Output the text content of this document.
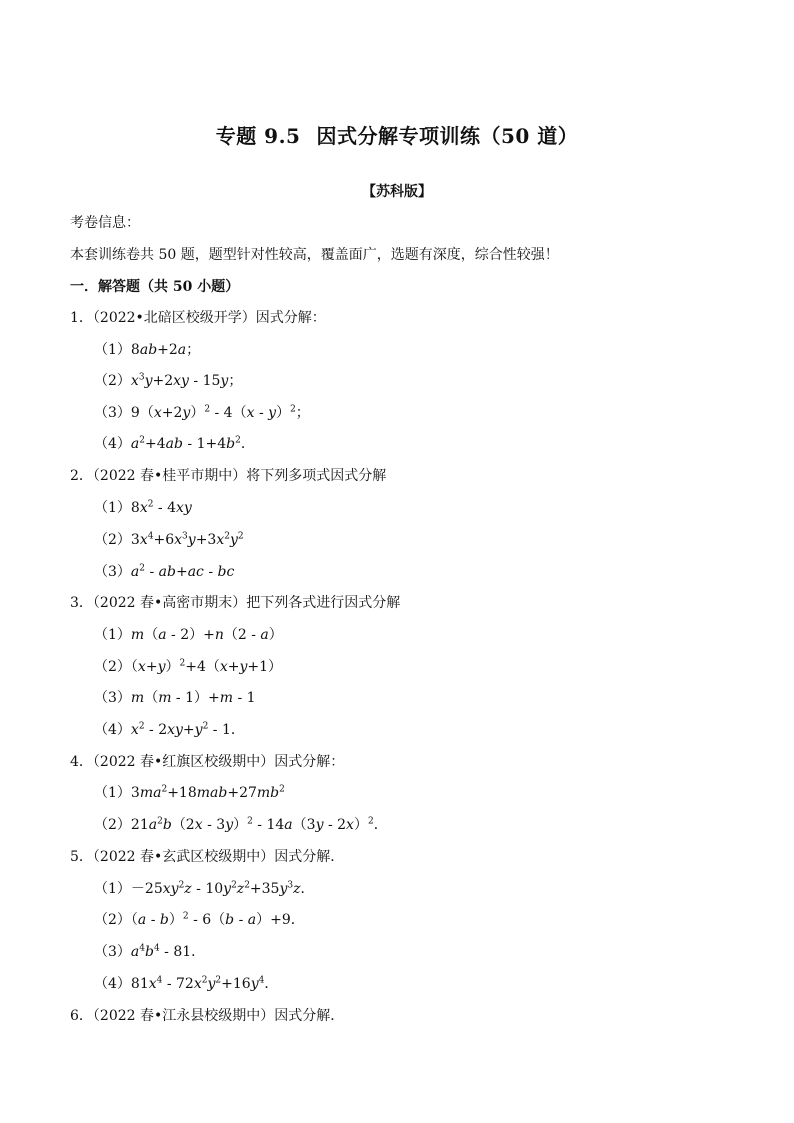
专题 9.5 因式分解专项训练（50 道）
【苏科版】
考卷信息：
本套训练卷共 50 题，题型针对性较高，覆盖面广，选题有深度，综合性较强！
一．解答题（共 50 小题）
1．（2022•北碚区校级开学）因式分解：
（1）8ab+2a；
$(2)x^3y+2xy - 15y$；
$(3)9(x+2y)^2 - 4(x - y)^2$；
$(4)a^2+4ab - 1+4b^2$．
2．（2022 春•桂平市期中）将下列多项式因式分解
$(1)8x^2 - 4xy$
$(2)3x^4+6x^3y+3x^2y^2$
$(3)a^2 - ab+ac$ - bc
3．（2022 春•高密市期末）把下列各式进行因式分解
（1）m（a - 2）+n（2 - a）
$(2)(x+y)^2+4(x+y+1)$
（3）m（m - 1）+m - 1
$(4)x^2 - 2xy+y^2 - 1$．
4．（2022 春•红旗区校级期中）因式分解：
$(1)3ma^2+18mab+27mb^2$
$(2)21a^2b(2x - 3y)^2 - 14a(3y - 2x)^2$．
5．（2022 春•玄武区校级期中）因式分解．
$(1)-25xy^2z - 10y^2z^2+35y^3z$．
（2）（a - b）$^2$ - 6（b - a）+9．
$(3)a^4b^4 - 81$．
$(4)81x^4 - 72x^2y^2+16y^4$．
6．（2022 春•江永县校级期中）因式分解．
